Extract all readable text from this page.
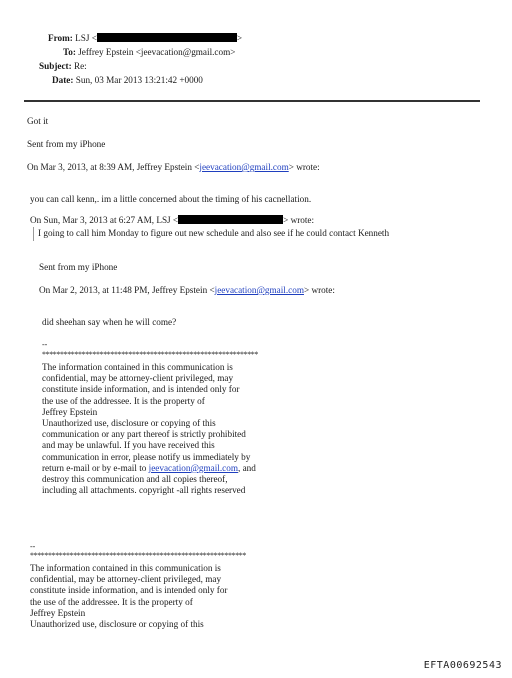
From: LSJ <	>
To: Jeffrey Epstein <jeevacation@gmail.com>
Subject: Re:
Date: Sun, 03 Mar 2013 13:21:42 +0000
Got it
Sent from my iPhone
On Mar 3, 2013, at 8:39 AM, Jeffrey Epstein <jeevacation@gmail.com> wrote:
you can call kenn,. im a little concerned about the timing of his cacnellation.
On Sun, Mar 3, 2013 at 6:27 AM, LSJ <	> wrote:
I going to call him Monday to figure out new schedule and also see if he could contact Kenneth
Sent from my iPhone
On Mar 2, 2013, at 11:48 PM, Jeffrey Epstein <jeevacation@gmail.com> wrote:
did sheehan say when he will come?
--
************************************************************
The information contained in this communication is
confidential, may be attorney-client privileged, may
constitute inside information, and is intended only for
the use of the addressee. It is the property of
Jeffrey Epstein
Unauthorized use, disclosure or copying of this
communication or any part thereof is strictly prohibited
and may be unlawful. If you have received this
communication in error, please notify us immediately by
return e-mail or by e-mail to jeevacation@gmail.com, and
destroy this communication and all copies thereof,
including all attachments. copyright -all rights reserved
--
************************************************************
The information contained in this communication is
confidential, may be attorney-client privileged, may
constitute inside information, and is intended only for
the use of the addressee. It is the property of
Jeffrey Epstein
Unauthorized use, disclosure or copying of this
EFTA00692543
